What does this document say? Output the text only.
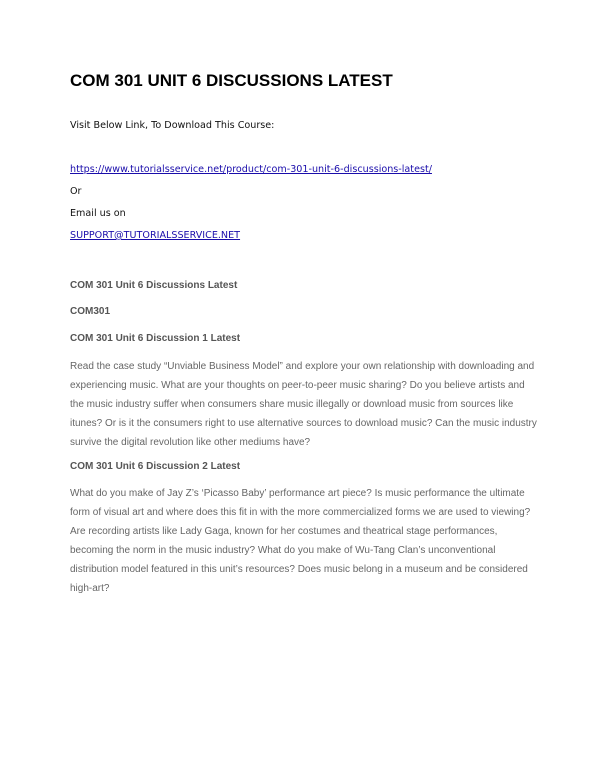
COM 301 UNIT 6 DISCUSSIONS LATEST

Visit Below Link, To Download This Course:

https://www.tutorialsservice.net/product/com-301-unit-6-discussions-latest/

Or

Email us on

SUPPORT@TUTORIALSSERVICE.NET

COM 301 Unit 6 Discussions Latest
COM301
COM 301 Unit 6 Discussion 1 Latest

Read the case study “Unviable Business Model” and explore your own relationship with downloading and experiencing music. What are your thoughts on peer-to-peer music sharing? Do you believe artists and the music industry suffer when consumers share music illegally or download music from sources like itunes? Or is it the consumers right to use alternative sources to download music? Can the music industry survive the digital revolution like other mediums have?

COM 301 Unit 6 Discussion 2 Latest

What do you make of Jay Z’s ‘Picasso Baby’ performance art piece? Is music performance the ultimate form of visual art and where does this fit in with the more commercialized forms we are used to viewing? Are recording artists like Lady Gaga, known for her costumes and theatrical stage performances, becoming the norm in the music industry? What do you make of Wu-Tang Clan’s unconventional distribution model featured in this unit’s resources? Does music belong in a museum and be considered high-art?
